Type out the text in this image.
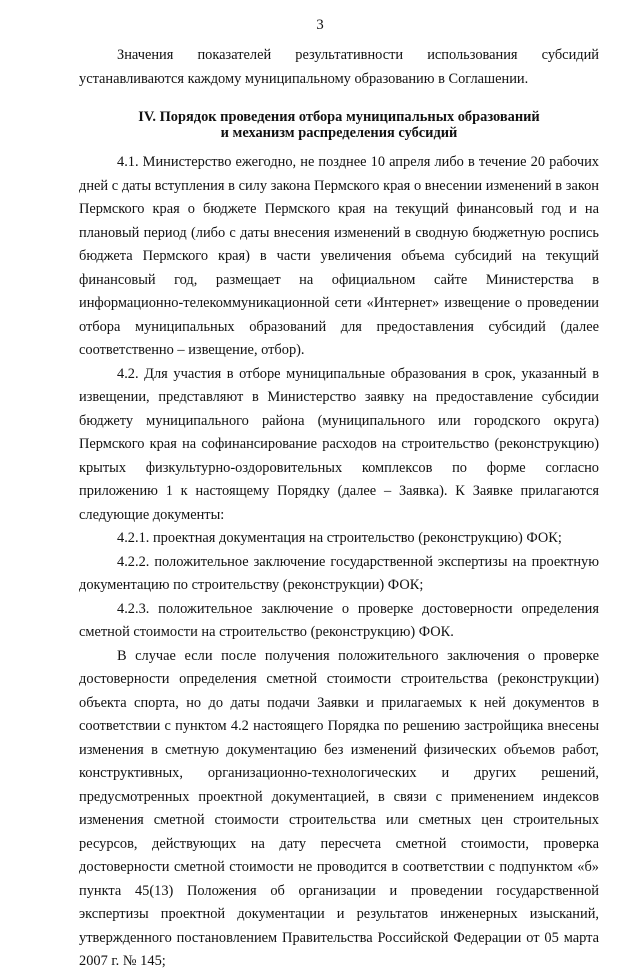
3

Значения показателей результативности использования субсидий устанавливаются каждому муниципальному образованию в Соглашении.

IV. Порядок проведения отбора муниципальных образований
и механизм распределения субсидий

4.1. Министерство ежегодно, не позднее 10 апреля либо в течение 20 рабочих дней с даты вступления в силу закона Пермского края о внесении изменений в закон Пермского края о бюджете Пермского края на текущий финансовый год и на плановый период (либо с даты внесения изменений в сводную бюджетную роспись бюджета Пермского края) в части увеличения объема субсидий на текущий финансовый год, размещает на официальном сайте Министерства в информационно-телекоммуникационной сети «Интернет» извещение о проведении отбора муниципальных образований для предоставления субсидий (далее соответственно – извещение, отбор).

4.2. Для участия в отборе муниципальные образования в срок, указанный в извещении, представляют в Министерство заявку на предоставление субсидии бюджету муниципального района (муниципального или городского округа) Пермского края на софинансирование расходов на строительство (реконструкцию) крытых физкультурно-оздоровительных комплексов по форме согласно приложению 1 к настоящему Порядку (далее – Заявка). К Заявке прилагаются следующие документы:

4.2.1. проектная документация на строительство (реконструкцию) ФОК;

4.2.2. положительное заключение государственной экспертизы на проектную документацию по строительству (реконструкции) ФОК;

4.2.3. положительное заключение о проверке достоверности определения сметной стоимости на строительство (реконструкцию) ФОК.

В случае если после получения положительного заключения о проверке достоверности определения сметной стоимости строительства (реконструкции) объекта спорта, но до даты подачи Заявки и прилагаемых к ней документов в соответствии с пунктом 4.2 настоящего Порядка по решению застройщика внесены изменения в сметную документацию без изменений физических объемов работ, конструктивных, организационно-технологических и других решений, предусмотренных проектной документацией, в связи с применением индексов изменения сметной стоимости строительства или сметных цен строительных ресурсов, действующих на дату пересчета сметной стоимости, проверка достоверности сметной стоимости не проводится в соответствии с подпунктом «б» пункта 45(13) Положения об организации и проведении государственной экспертизы проектной документации и результатов инженерных изысканий, утвержденного постановлением Правительства Российской Федерации от 05 марта 2007 г. № 145;
